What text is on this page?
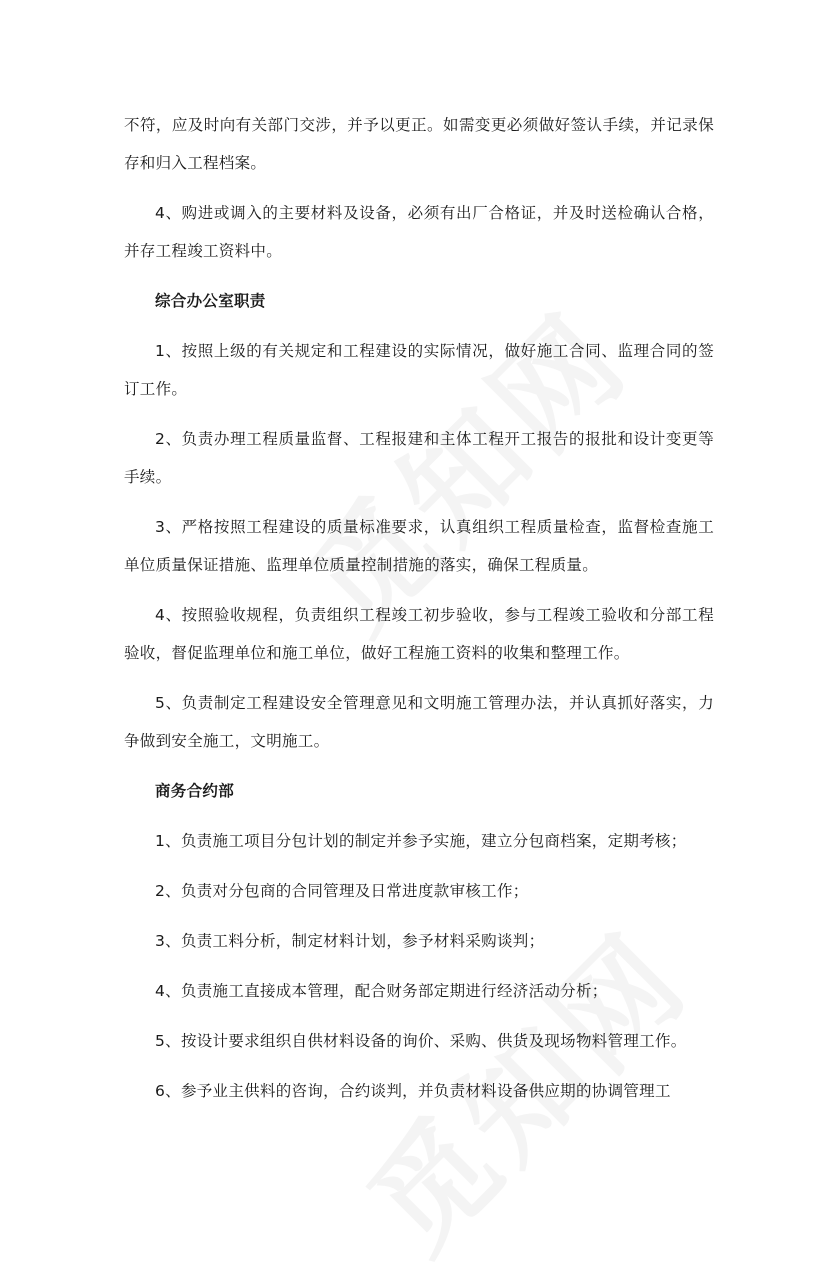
不符，应及时向有关部门交涉，并予以更正。如需变更必须做好签认手续，并记录保存和归入工程档案。

4、购进或调入的主要材料及设备，必须有出厂合格证，并及时送检确认合格，并存工程竣工资料中。

综合办公室职责

1、按照上级的有关规定和工程建设的实际情况，做好施工合同、监理合同的签订工作。

2、负责办理工程质量监督、工程报建和主体工程开工报告的报批和设计变更等手续。

3、严格按照工程建设的质量标准要求，认真组织工程质量检查，监督检查施工单位质量保证措施、监理单位质量控制措施的落实，确保工程质量。

4、按照验收规程，负责组织工程竣工初步验收，参与工程竣工验收和分部工程验收，督促监理单位和施工单位，做好工程施工资料的收集和整理工作。

5、负责制定工程建设安全管理意见和文明施工管理办法，并认真抓好落实，力争做到安全施工，文明施工。

商务合约部

1、负责施工项目分包计划的制定并参予实施，建立分包商档案，定期考核；

2、负责对分包商的合同管理及日常进度款审核工作；

3、负责工料分析，制定材料计划，参予材料采购谈判；

4、负责施工直接成本管理，配合财务部定期进行经济活动分析；

5、按设计要求组织自供材料设备的询价、采购、供货及现场物料管理工作。

6、参予业主供料的咨询，合约谈判，并负责材料设备供应期的协调管理工
